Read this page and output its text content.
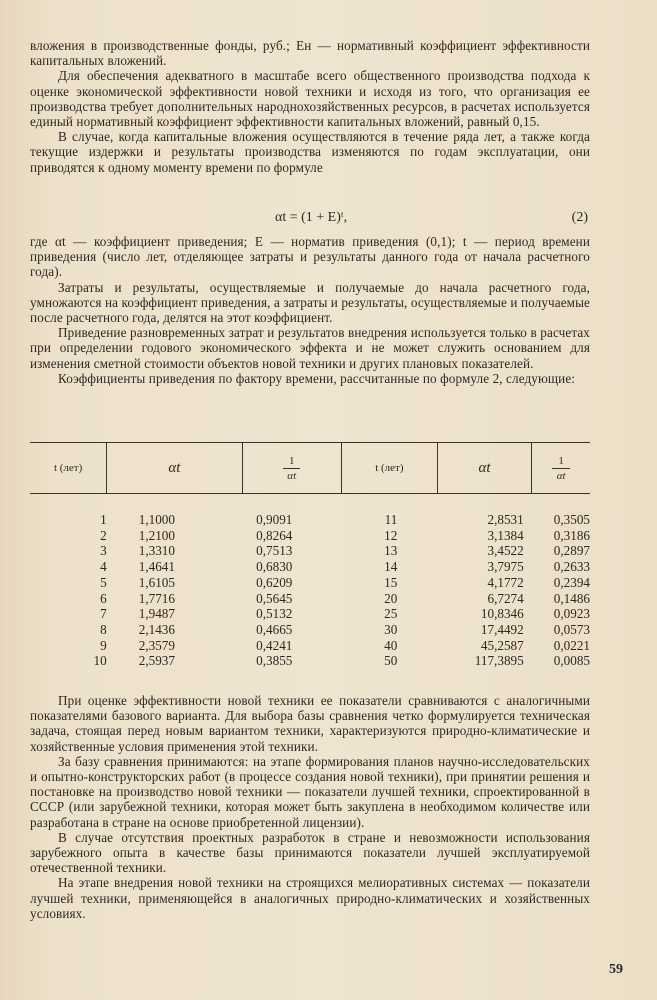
вложения в производственные фонды, руб.; Eн — нормативный коэффициент эффективности капитальных вложений.

Для обеспечения адекватного в масштабе всего общественного производства подхода к оценке экономической эффективности новой техники и исходя из того, что организация ее производства требует дополнительных народнохозяйственных ресурсов, в расчетах используется единый нормативный коэффициент эффективности капитальных вложений, равный 0,15.

В случае, когда капитальные вложения осуществляются в течение ряда лет, а также когда текущие издержки и результаты производства изменяются по годам эксплуатации, они приводятся к одному моменту времени по формуле

αt = (1 + E)ᵗ,	(2)

где αt — коэффициент приведения; E — норматив приведения (0,1); t — период времени приведения (число лет, отделяющее затраты и результаты данного года от начала расчетного года).

Затраты и результаты, осуществляемые и получаемые до начала расчетного года, умножаются на коэффициент приведения, а затраты и результаты, осуществляемые и получаемые после расчетного года, делятся на этот коэффициент.

Приведение разновременных затрат и результатов внедрения используется только в расчетах при определении годового экономического эффекта и не может служить основанием для изменения сметной стоимости объектов новой техники и других плановых показателей.

Коэффициенты приведения по фактору времени, рассчитанные по формуле 2, следующие:

t (лет)	αt	$\frac{1}{\alpha t}$	t (лет)	αt	$\frac{1}{\alpha t}$

1	1,1000	0,9091	11	2,8531	0,3505
2	1,2100	0,8264	12	3,1384	0,3186
3	1,3310	0,7513	13	3,4522	0,2897
4	1,4641	0,6830	14	3,7975	0,2633
5	1,6105	0,6209	15	4,1772	0,2394
6	1,7716	0,5645	20	6,7274	0,1486
7	1,9487	0,5132	25	10,8346	0,0923
8	2,1436	0,4665	30	17,4492	0,0573
9	2,3579	0,4241	40	45,2587	0,0221
10	2,5937	0,3855	50	117,3895	0,0085

При оценке эффективности новой техники ее показатели сравниваются с аналогичными показателями базового варианта. Для выбора базы сравнения четко формулируется техническая задача, стоящая перед новым вариантом техники, характеризуются природно-климатические и хозяйственные условия применения этой техники.

За базу сравнения принимаются: на этапе формирования планов научно-исследовательских и опытно-конструкторских работ (в процессе создания новой техники), при принятии решения и постановке на производство новой техники — показатели лучшей техники, спроектированной в СССР (или зарубежной техники, которая может быть закуплена в необходимом количестве или разработана в стране на основе приобретенной лицензии).

В случае отсутствия проектных разработок в стране и невозможности использования зарубежного опыта в качестве базы принимаются показатели лучшей эксплуатируемой отечественной техники.

На этапе внедрения новой техники на строящихся мелиоративных системах — показатели лучшей техники, применяющейся в аналогичных природно-климатических и хозяйственных условиях.

59
